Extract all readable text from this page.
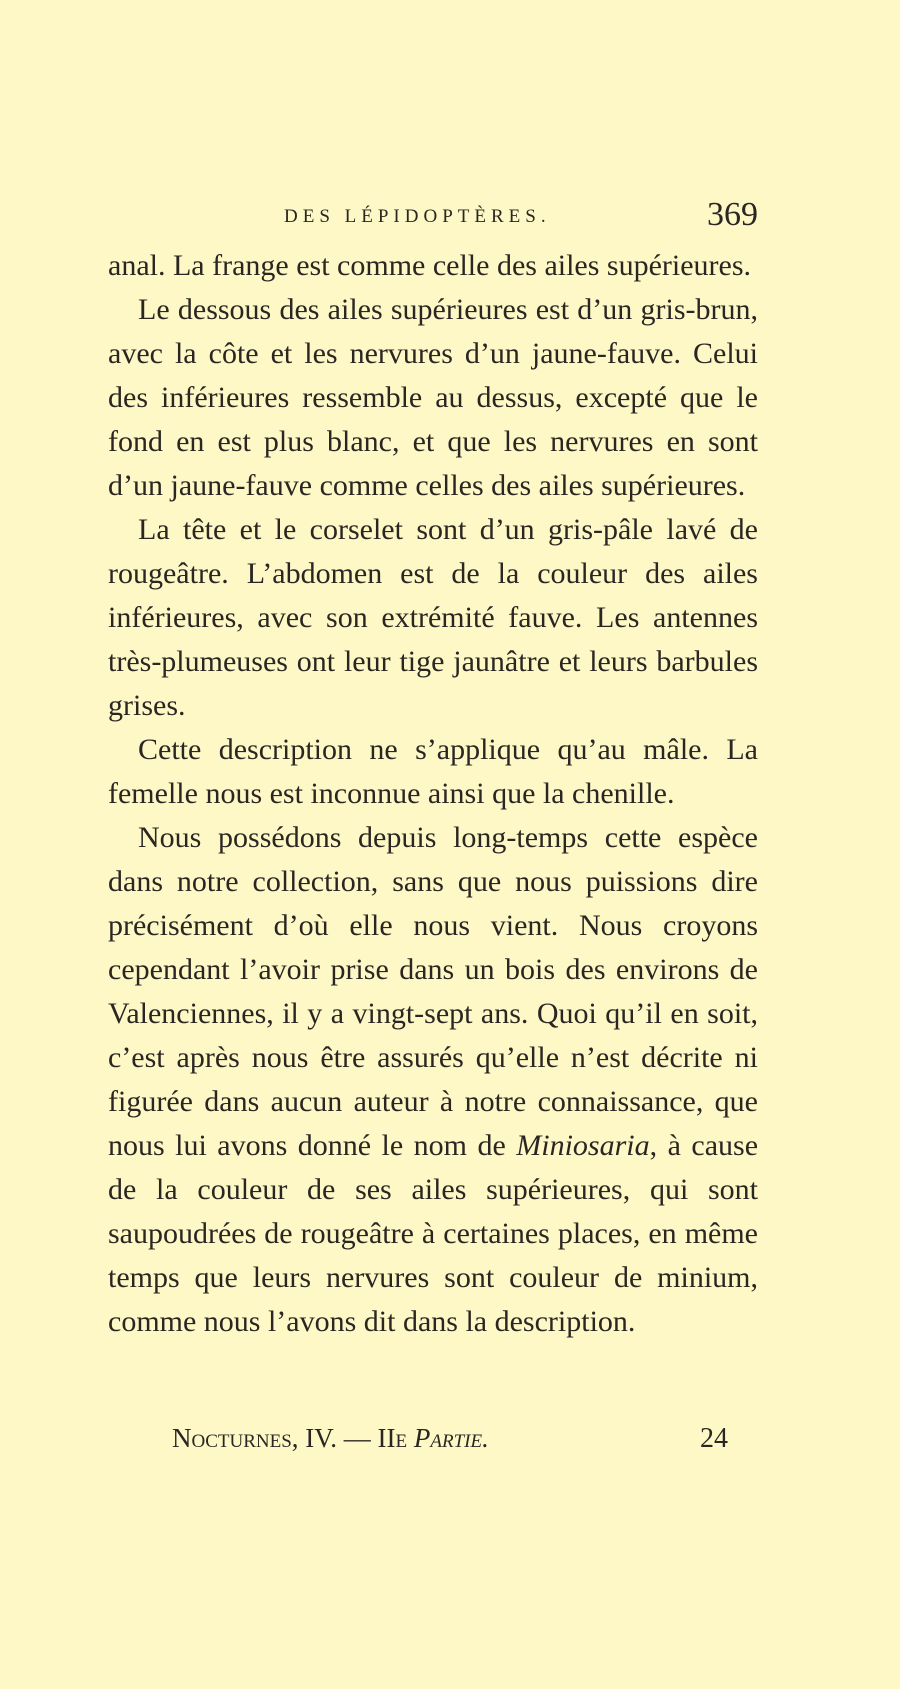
DES LÉPIDOPTÈRES.	369

anal. La frange est comme celle des ailes supérieures.

Le dessous des ailes supérieures est d’un gris-brun, avec la côte et les nervures d’un jaune-fauve. Celui des inférieures ressemble au dessus, excepté que le fond en est plus blanc, et que les nervures en sont d’un jaune-fauve comme celles des ailes supérieures.

La tête et le corselet sont d’un gris-pâle lavé de rougeâtre. L’abdomen est de la couleur des ailes inférieures, avec son extrémité fauve. Les antennes très-plumeuses ont leur tige jaunâtre et leurs barbules grises.

Cette description ne s’applique qu’au mâle. La femelle nous est inconnue ainsi que la chenille.

Nous possédons depuis long-temps cette espèce dans notre collection, sans que nous puissions dire précisément d’où elle nous vient. Nous croyons cependant l’avoir prise dans un bois des environs de Valenciennes, il y a vingt-sept ans. Quoi qu’il en soit, c’est après nous être assurés qu’elle n’est décrite ni figurée dans aucun auteur à notre connaissance, que nous lui avons donné le nom de Miniosaria, à cause de la couleur de ses ailes supérieures, qui sont saupoudrées de rougeâtre à certaines places, en même temps que leurs nervures sont couleur de minium, comme nous l’avons dit dans la description.

Nocturnes, IV. — IIe Partie.	24
